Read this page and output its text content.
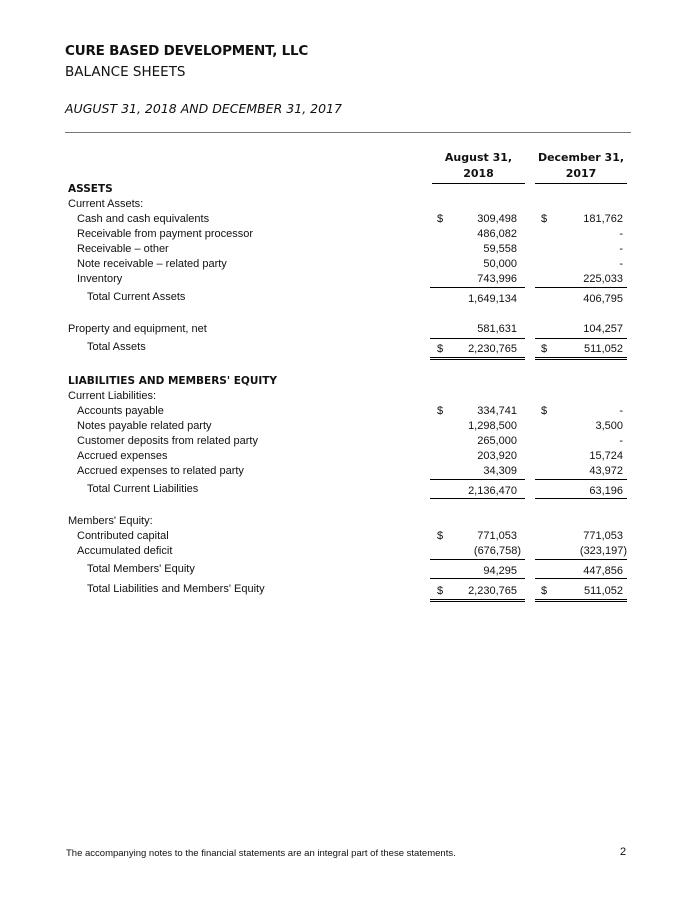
CURE BASED DEVELOPMENT, LLC
BALANCE SHEETS
AUGUST 31, 2018 AND DECEMBER 31, 2017
August 31,
2018
December 31,
2017
ASSETS
Current Assets:
Cash and cash equivalents	$	309,498 $	181,762
Receivable from payment processor	486,082	-
Receivable – other	59,558	-
Note receivable – related party	50,000	-
Inventory	743,996	225,033
Total Current Assets	1,649,134	406,795
Property and equipment, net	581,631	104,257
Total Assets	$	2,230,765 $	511,052
LIABILITIES AND MEMBERS' EQUITY
Current Liabilities:
Accounts payable	$	334,741 $	-
Notes payable related party	1,298,500	3,500
Customer deposits from related party	265,000	-
Accrued expenses	203,920	15,724
Accrued expenses to related party	34,309	43,972
Total Current Liabilities	2,136,470	63,196
Members' Equity:
Contributed capital	$	771,053	771,053
Accumulated deficit	(676,758)	(323,197)
Total Members' Equity	94,295	447,856
Total Liabilities and Members' Equity	$	2,230,765 $	511,052
The accompanying notes to the financial statements are an integral part of these statements.	2
